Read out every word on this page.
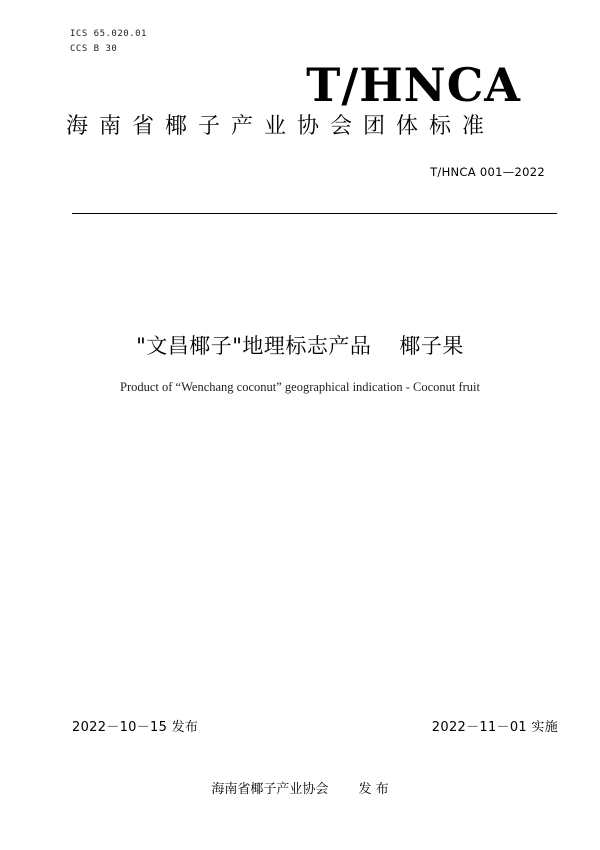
ICS 65.020.01
CCS B 30
T/HNCA
海南省椰子产业协会团体标准
T/HNCA 001—2022
"文昌椰子"地理标志产品 椰子果
Product of “Wenchang coconut” geographical indication - Coconut fruit
2022－10－15 发布	2022－11－01 实施
海南省椰子产业协会 发 布
